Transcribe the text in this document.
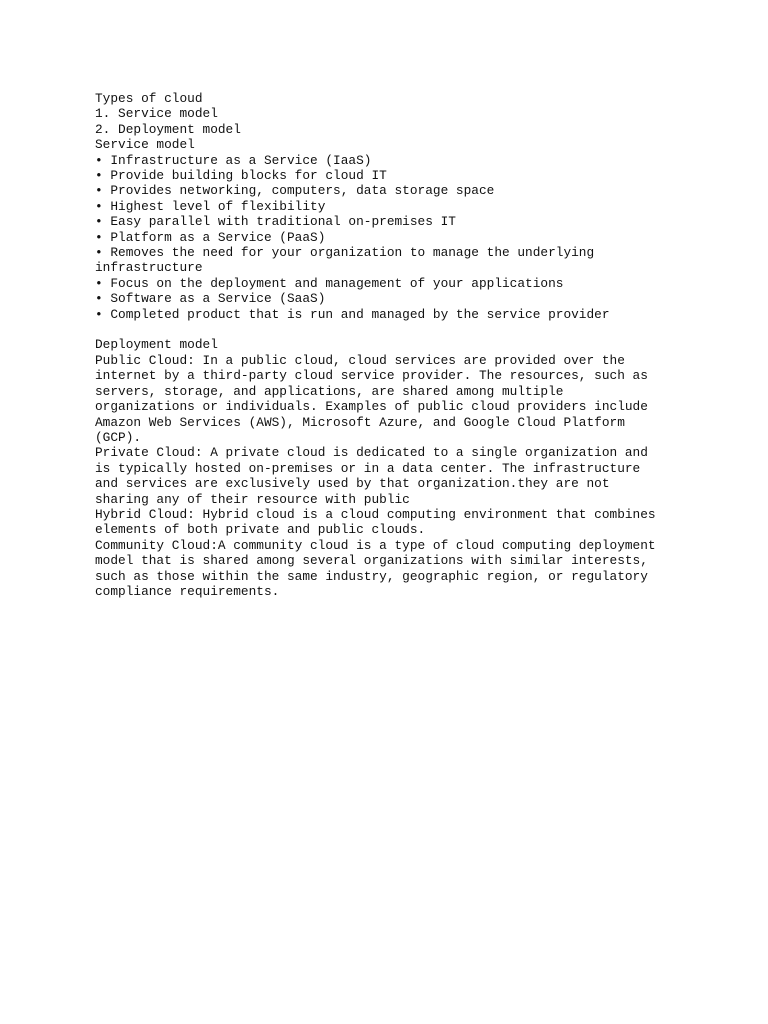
Types of cloud
1. Service model
2. Deployment model
Service model
• Infrastructure as a Service (IaaS)
• Provide building blocks for cloud IT
• Provides networking, computers, data storage space
• Highest level of flexibility
• Easy parallel with traditional on-premises IT
• Platform as a Service (PaaS)
• Removes the need for your organization to manage the underlying
infrastructure
• Focus on the deployment and management of your applications
• Software as a Service (SaaS)
• Completed product that is run and managed by the service provider
Deployment model
Public Cloud: In a public cloud, cloud services are provided over the
internet by a third-party cloud service provider. The resources, such as
servers, storage, and applications, are shared among multiple
organizations or individuals. Examples of public cloud providers include
Amazon Web Services (AWS), Microsoft Azure, and Google Cloud Platform
(GCP).
Private Cloud: A private cloud is dedicated to a single organization and
is typically hosted on-premises or in a data center. The infrastructure
and services are exclusively used by that organization.they are not
sharing any of their resource with public
Hybrid Cloud: Hybrid cloud is a cloud computing environment that combines
elements of both private and public clouds.
Community Cloud:A community cloud is a type of cloud computing deployment
model that is shared among several organizations with similar interests,
such as those within the same industry, geographic region, or regulatory
compliance requirements.
